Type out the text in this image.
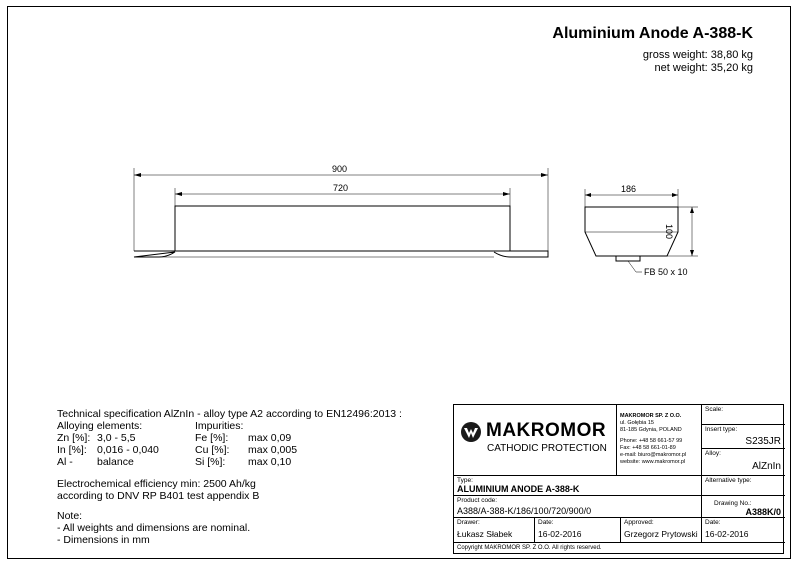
Aluminium Anode A-388-K
gross weight: 38,80 kg
net weight: 35,20 kg
900
720	186
100
FB 50 x 10
Technical specification AlZnIn - alloy type A2 according to EN12496:2013 :
Alloying elements:	Impurities:
Zn [%]: 3,0 - 5,5
In [%]: 0,016 - 0,040
Al - balance
Fe [%]: max 0,09
Cu [%]: max 0,005
Si [%]: max 0,10
Electrochemical efficiency min: 2500 Ah/kg
according to DNV RP B401 test appendix B
Note:
- All weights and dimensions are nominal.
- Dimensions in mm
MAKROMOR
CATHODIC PROTECTION
MAKROMOR SP. Z O.O.
ul. Gołębia 15
81-185 Gdynia, POLAND
Phone: +48 58 661-57 99
Fax: +48 58 661-01-89
e-mail: biuro@makromor.pl
website: www.makromor.pl
Scale:
Insert type:
S235JR
Alloy:
AlZnIn
Type:
ALUMINIUM ANODE A-388-K
Alternative type:
Product code:
A388/A-388-K/186/100/720/900/0
Drawing No.:
A388K/0
Drawer:
Łukasz Słabek
Date:
16-02-2016
Approved:
Grzegorz Prytowski
Date:
16-02-2016
Copyright MAKROMOR SP. Z O.O. All rights reserved.
